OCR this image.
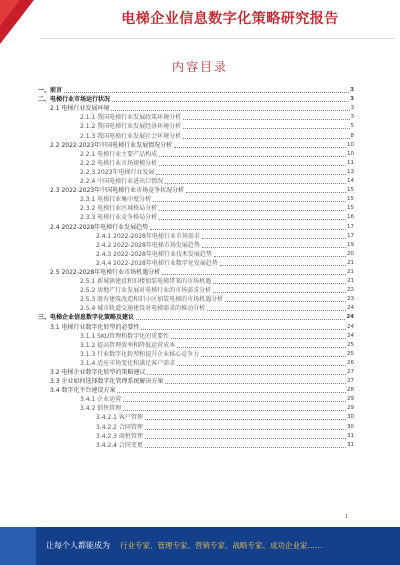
电梯企业信息数字化策略研究报告
内容目录
一、前言	3
二、电梯行业市场运行状况	3
2.1 电梯行业发展环境	3
2.1.1 我国电梯行业发展政策环境分析	3
2.1.2 我国电梯行业发展经济环境分析	5
2.1.3 我国电梯行业发展社会环境分析	8
2.2 2022-2023年中国电梯行业发展情况分析	10
2.2.1 电梯行业主要产品构成	10
2.2.2 电梯行业市场规模分析	11
2.2.3 2023年电梯行业发展	13
2.2.4 中国电梯行业进出口情况	14
2.3 2022-2023年中国电梯行业市场竞争状况分析	15
2.3.1 电梯行业集中度分析	15
2.3.2 电梯行业区域格局分析	15
2.3.3 电梯行业竞争格局分析	16
2.4 2022-2028年电梯行业发展趋势	17
2.4.1 2022-2028年电梯行业市场需求	17
2.4.2 2022-2028年电梯市场发展趋势	19
2.4.3 2022-2028年电梯行业技术发展趋势	20
2.4.4 2022-2028年电梯行业数字化发展趋势	21
2.5 2022-2028年电梯行业市场机遇分析	21
2.5.1 新城镇建设和旧楼加装电梯带来的市场机遇	21
2.5.2 房地产行业发展对电梯行业的市场需求分析	22
2.5.3 既有建筑改造和旧小区加装电梯的市场机遇分析	23
2.5.4 城市轨道交通建设对电梯需求的推动分析	24
三、电梯企业信息数字化策略及建议	24
3.1 电梯行业数字化转型的必要性	24
3.1.1 SKU管理和数字化的重要性	24
3.1.2 提高管理效率和降低运营成本	25
3.1.3 行业数字化转型和提升企业核心竞争力	25
3.1.4 适应市场变化和满足客户需求	26
3.2 电梯企业数字化转型的策略建议	27
3.3 企业如何选择数字化管理系统解决方案	27
3.4 数字化平台建设方案	28
3.4.1 企业运营	29
3.4.2 销售管理	29
3.4.2.1 客户管理	30
3.4.2.2 合同管理	30
3.4.2.3 商机管理	31
3.4.2.4 合同变更	31
1
让每个人都能成为 行业专家、管理专家、营销专家、战略专家、成功企业家……
